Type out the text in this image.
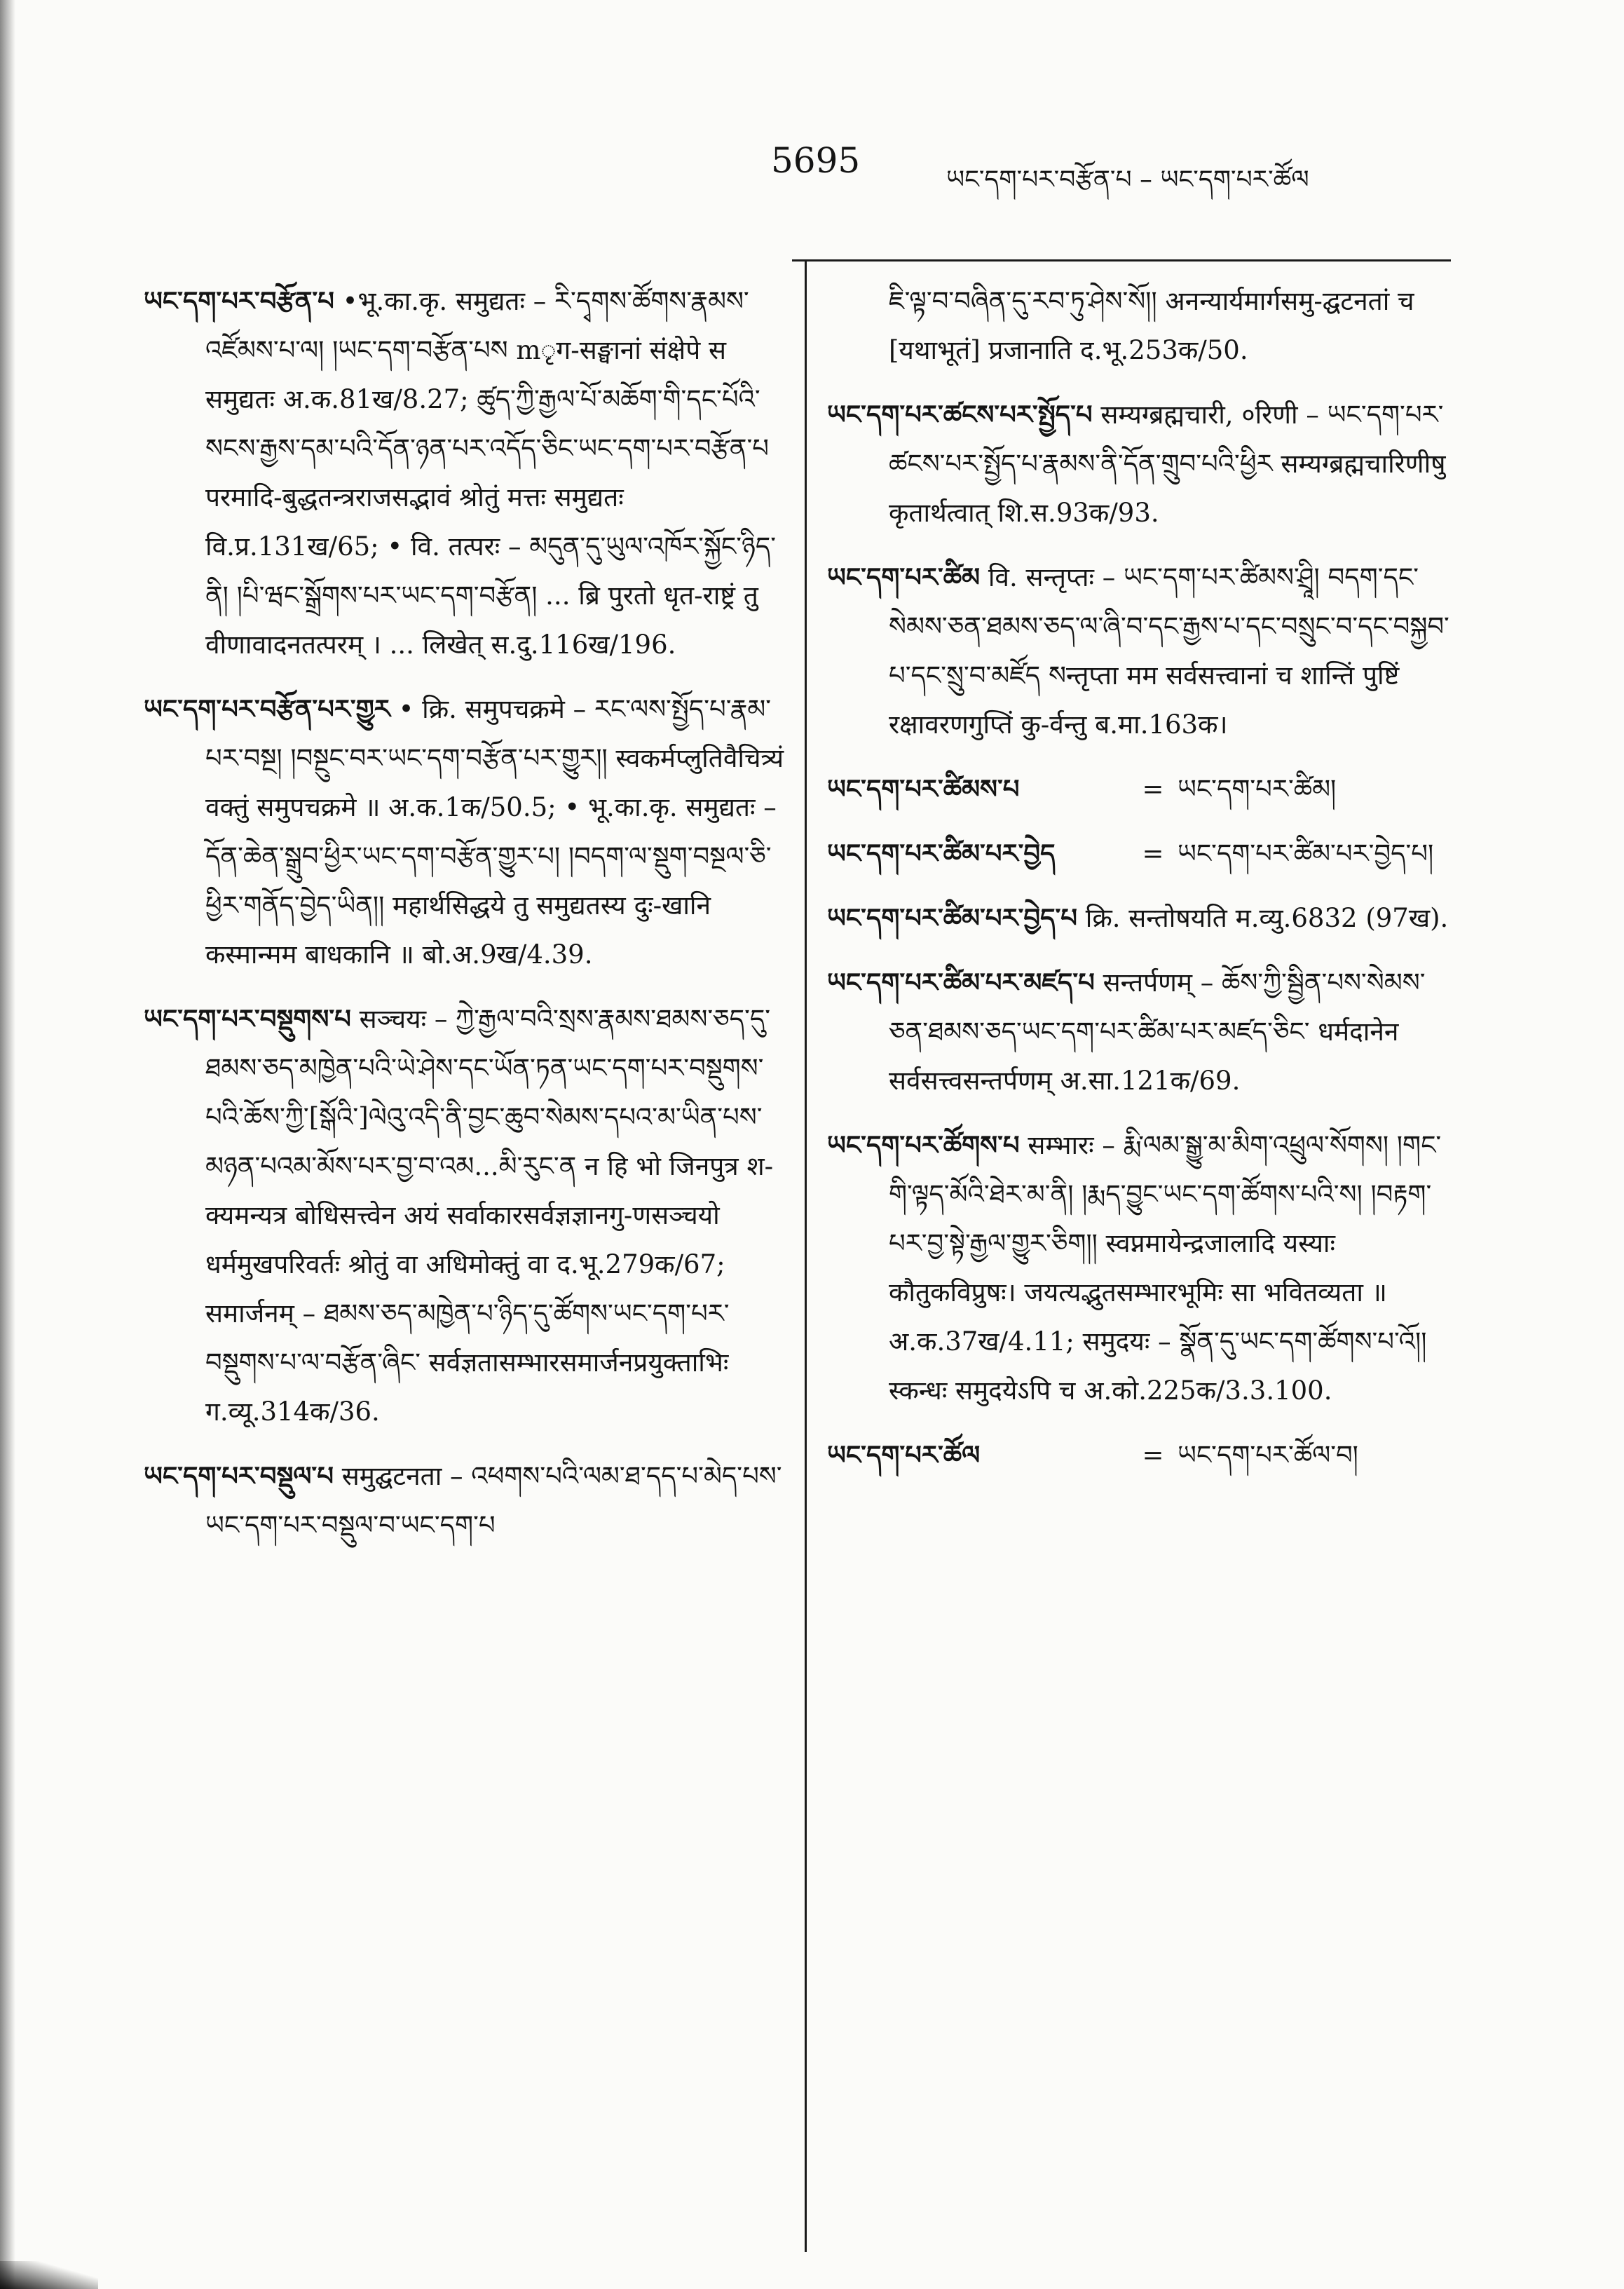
5695	ཡང་དག་པར་བརྩོན་པ – ཡང་དག་པར་ཚོལ

ཡང་དག་པར་བརྩོན་པ •भू.का.कृ. समुद्यतः – རི་དྭགས་ཚོགས་རྣམས་འཛོམས་པ་ལ། །ཡང་དག་བརྩོན་པས mृग-सङ्घानां संक्षेपे स समुद्यतः अ.क.81ख/8.27; ཚུད་ཀྱི་རྒྱལ་པོ་མཆོག་གི་དང་པོའི་སངས་རྒྱས་དམ་པའི་དོན་ཉན་པར་འདོད་ཅིང་ཡང་དག་པར་བརྩོན་པ परमादि-बुद्धतन्त्रराजसद्भावं श्रोतुं मत्तः समुद्यतः वि.प्र.131ख/65; • वि. तत्परः – མདུན་དུ་ཡུལ་འཁོར་སྐྱོང་ཉིད་ནི། །པི་ཝང་སྒྲོགས་པར་ཡང་དག་བརྩོན། ... ब्रि पुरतो धृत-राष्ट्रं तु वीणावादनतत्परम् । ... लिखेत् स.दु.116ख/196.

ཡང་དག་པར་བརྩོན་པར་གྱུར • क्रि. समुपचक्रमे – རང་ལས་སྤྱོད་པ་རྣམ་པར་བསྔ། །བསྔུང་བར་ཡང་དག་བརྩོན་པར་གྱུར།། स्वकर्मप्लुतिवैचित्र्यं वक्तुं समुपचक्रमे ॥ अ.क.1क/50.5; • भू.का.कृ. समुद्यतः – དོན་ཆེན་སྒྲུབ་ཕྱིར་ཡང་དག་བརྩོན་གྱུར་པ། །བདག་ལ་སྡུག་བསྔལ་ཅི་ཕྱིར་གནོད་བྱེད་ཡིན།། महार्थसिद्धये तु समुद्यतस्य दुः-खानि कस्मान्मम बाधकानि ॥ बो.अ.9ख/4.39.

ཡང་དག་པར་བསྡུགས་པ सञ्चयः – ཀྱེ་རྒྱལ་བའི་སྲས་རྣམས་ཐམས་ཅད་དུ་ཐམས་ཅད་མཁྱེན་པའི་ཡེ་ཤེས་དང་ཡོན་ཏན་ཡང་དག་པར་བསྡུགས་པའི་ཆོས་ཀྱི་[སྒོའི་]ལེའུ་འདི་ནི་བྱང་ཆུབ་སེམས་དཔའ་མ་ཡིན་པས་མཉན་པའམ་མོས་པར་བྱ་བ་འམ...མི་རུང་ན न हि भो जिनपुत्र श-क्यमन्यत्र बोधिसत्त्वेन अयं सर्वाकारसर्वज्ञज्ञानगु-णसञ्चयो धर्ममुखपरिवर्तः श्रोतुं वा अधिमोक्तुं वा द.भू.279क/67; समार्जनम् – ཐམས་ཅད་མཁྱེན་པ་ཉིད་དུ་ཚོགས་ཡང་དག་པར་བསྡུགས་པ་ལ་བརྩོན་ཞིང་ सर्वज्ञतासम्भारसमार्जनप्रयुक्ताभिः ग.व्यू.314क/36.

ཡང་དག་པར་བསྡུལ་པ समुद्घटनता – འཕགས་པའི་ལམ་ཐ་དད་པ་མེད་པས་ཡང་དག་པར་བསྡུལ་བ་ཡང་དག་པ

ཇི་ལྟ་བ་བཞིན་དུ་རབ་ཏུ་ཤེས་སོ།། अनन्यार्यमार्गसमु-द्घटनतां च [यथाभूतं] प्रजानाति द.भू.253क/50.

ཡང་དག་པར་ཚངས་པར་སྤྱོད་པ सम्यग्ब्रह्मचारी, ०रिणी – ཡང་དག་པར་ཚངས་པར་སྤྱོད་པ་རྣམས་ནི་དོན་གྲུབ་པའི་ཕྱིར सम्यग्ब्रह्मचारिणीषु कृतार्थत्वात् शि.स.93क/93.

ཡང་དག་པར་ཚིམ वि. सन्तृप्तः – ཡང་དག་པར་ཚིམས་ཤྲཱི། བདག་དང་སེམས་ཅན་ཐམས་ཅད་ལ་ཞི་བ་དང་རྒྱས་པ་དང་བསྲུང་བ་དང་བསྐྱབ་པ་དང་སྲུ་བ་མཛོད སन्तृप्ता मम सर्वसत्त्वानां च शान्तिं पुष्टिं रक्षावरणगुप्तिं कु-र्वन्तु ब.मा.163क।

ཡང་དག་པར་ཚིམས་པ	= ཡང་དག་པར་ཚིམ།
ཡང་དག་པར་ཚིམ་པར་བྱེད	= ཡང་དག་པར་ཚིམ་པར་བྱེད་པ།

ཡང་དག་པར་ཚིམ་པར་བྱེད་པ क्रि. सन्तोषयति म.व्यु.6832 (97ख).

ཡང་དག་པར་ཚིམ་པར་མཛད་པ सन्तर्पणम् – ཆོས་ཀྱི་སྦྱིན་པས་སེམས་ཅན་ཐམས་ཅད་ཡང་དག་པར་ཚིམ་པར་མཛད་ཅིང་ धर्मदानेन सर्वसत्त्वसन्तर्पणम् अ.सा.121क/69.

ཡང་དག་པར་ཚོགས་པ सम्भारः – རྨི་ལམ་སྒྱུ་མ་མིག་འཕྲུལ་སོགས། །གང་གི་ལྟད་མོའི་ཐེར་མ་ནི། །རྨད་བྱུང་ཡང་དག་ཚོགས་པའི་ས། །བརྟག་པར་བྱ་སྟེ་རྒྱལ་གྱུར་ཅིག།། स्वप्नमायेन्द्रजालादि यस्याः कौतुकविप्रुषः। जयत्यद्भुतसम्भारभूमिः सा भवितव्यता ॥ अ.क.37ख/4.11; समुदयः – སྣོན་དུ་ཡང་དག་ཚོགས་པ་འོ།། स्कन्धः समुदयेऽपि च अ.को.225क/3.3.100.

ཡང་དག་པར་ཚོལ	= ཡང་དག་པར་ཚོལ་བ།
